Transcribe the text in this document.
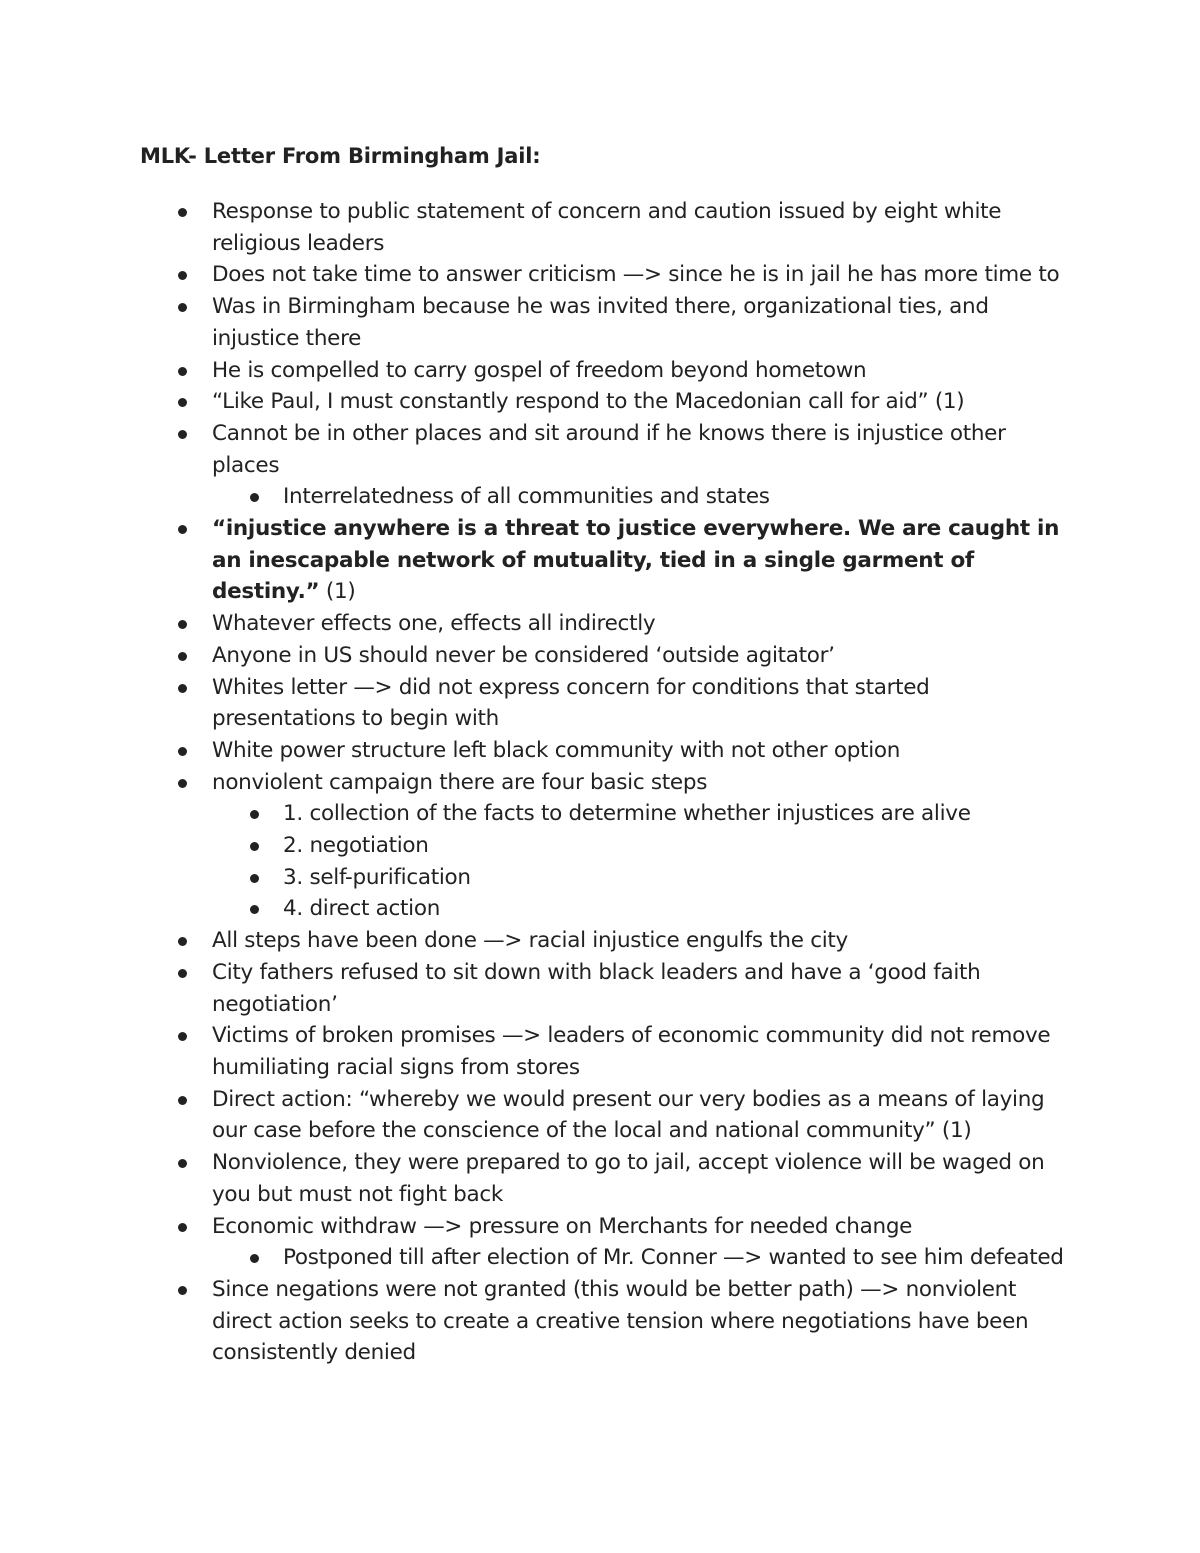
MLK- Letter From Birmingham Jail:
Response to public statement of concern and caution issued by eight white religious leaders
Does not take time to answer criticism —> since he is in jail he has more time to
Was in Birmingham because he was invited there, organizational ties, and injustice there
He is compelled to carry gospel of freedom beyond hometown
“Like Paul, I must constantly respond to the Macedonian call for aid” (1)
Cannot be in other places and sit around if he knows there is injustice other places
Interrelatedness of all communities and states
“injustice anywhere is a threat to justice everywhere. We are caught in an inescapable network of mutuality, tied in a single garment of destiny.” (1)
Whatever effects one, effects all indirectly
Anyone in US should never be considered ‘outside agitator’
Whites letter —> did not express concern for conditions that started presentations to begin with
White power structure left black community with not other option
nonviolent campaign there are four basic steps
1. collection of the facts to determine whether injustices are alive
2. negotiation
3. self-purification
4. direct action
All steps have been done —> racial injustice engulfs the city
City fathers refused to sit down with black leaders and have a ‘good faith negotiation’
Victims of broken promises —> leaders of economic community did not remove humiliating racial signs from stores
Direct action: “whereby we would present our very bodies as a means of laying our case before the conscience of the local and national community” (1)
Nonviolence, they were prepared to go to jail, accept violence will be waged on you but must not fight back
Economic withdraw —> pressure on Merchants for needed change
Postponed till after election of Mr. Conner —> wanted to see him defeated
Since negations were not granted (this would be better path) —> nonviolent direct action seeks to create a creative tension where negotiations have been consistently denied
